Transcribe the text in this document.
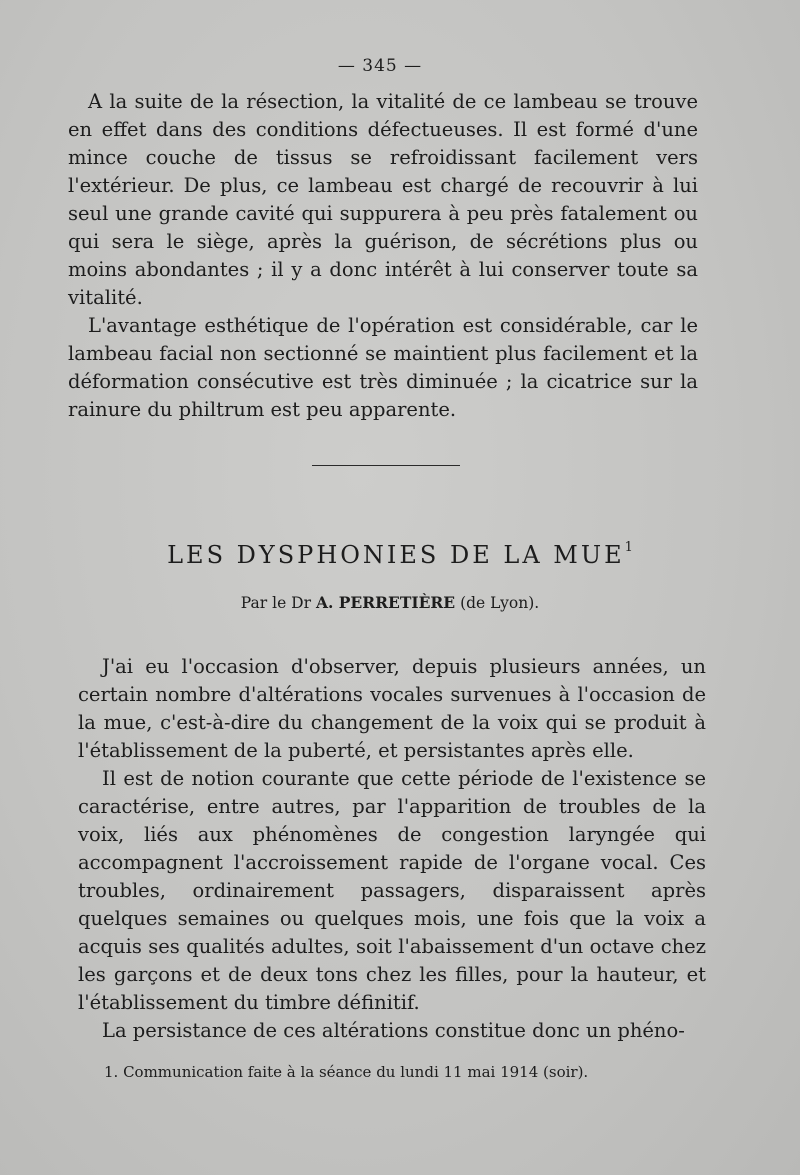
— 345 —

A la suite de la résection, la vitalité de ce lambeau se trouve en effet dans des conditions défectueuses. Il est formé d'une mince couche de tissus se refroidissant facilement vers l'extérieur. De plus, ce lambeau est chargé de recouvrir à lui seul une grande cavité qui suppurera à peu près fatalement ou qui sera le siège, après la guérison, de sécrétions plus ou moins abondantes ; il y a donc intérêt à lui conserver toute sa vitalité.

L'avantage esthétique de l'opération est considérable, car le lambeau facial non sectionné se maintient plus facilement et la déformation consécutive est très diminuée ; la cicatrice sur la rainure du philtrum est peu apparente.

LES DYSPHONIES DE LA MUE$^1$
Par le Dr A. PERRETIÈRE (de Lyon).

J'ai eu l'occasion d'observer, depuis plusieurs années, un certain nombre d'altérations vocales survenues à l'occasion de la mue, c'est-à-dire du changement de la voix qui se produit à l'établissement de la puberté, et persistantes après elle.

Il est de notion courante que cette période de l'existence se caractérise, entre autres, par l'apparition de troubles de la voix, liés aux phénomènes de congestion laryngée qui accompagnent l'accroissement rapide de l'organe vocal. Ces troubles, ordinairement passagers, disparaissent après quelques semaines ou quelques mois, une fois que la voix a acquis ses qualités adultes, soit l'abaissement d'un octave chez les garçons et de deux tons chez les filles, pour la hauteur, et l'établissement du timbre définitif.

La persistance de ces altérations constitue donc un phéno-

1. Communication faite à la séance du lundi 11 mai 1914 (soir).
